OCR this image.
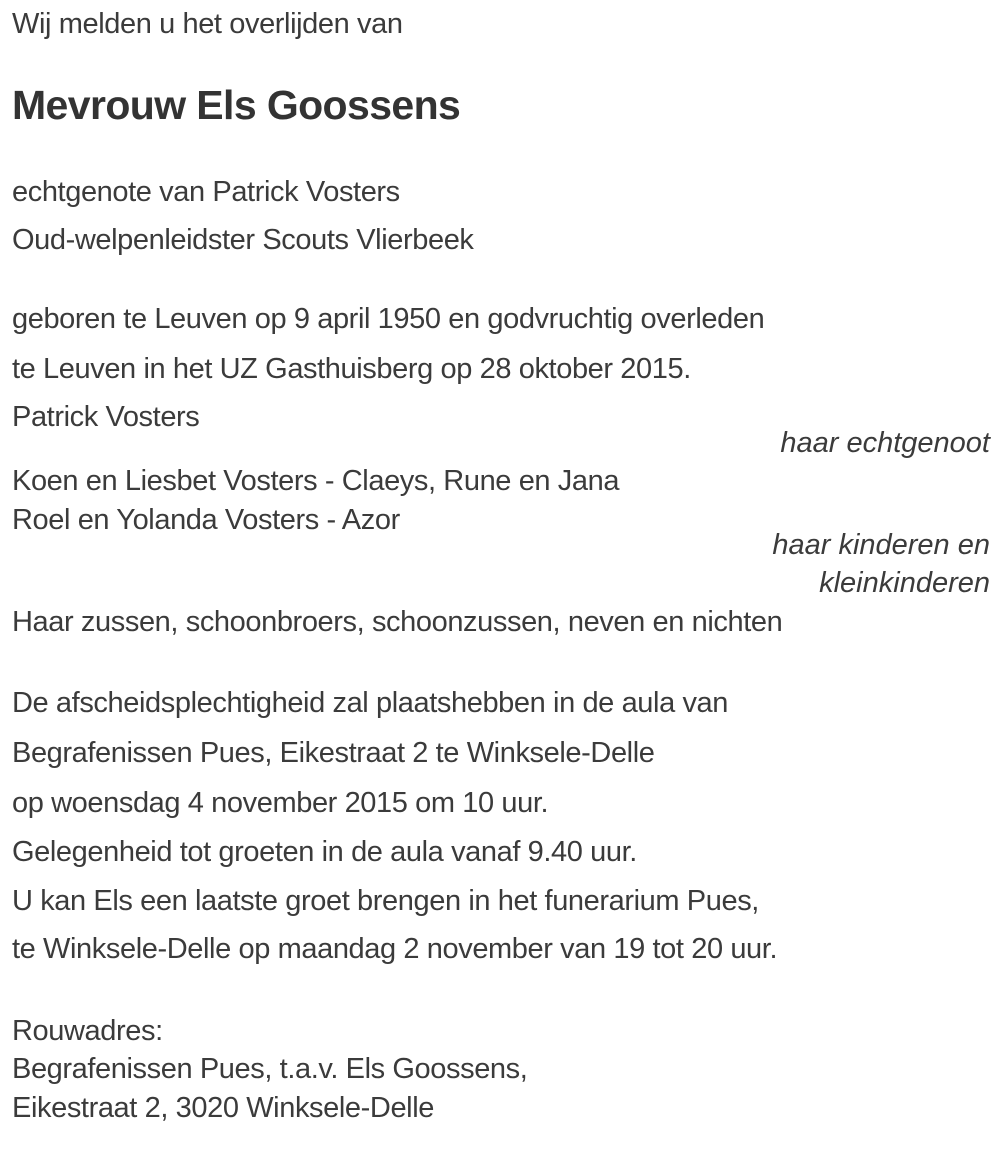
Wij melden u het overlijden van
Mevrouw Els Goossens
echtgenote van Patrick Vosters
Oud-welpenleidster Scouts Vlierbeek
geboren te Leuven op 9 april 1950 en godvruchtig overleden
te Leuven in het UZ Gasthuisberg op 28 oktober 2015.
Patrick Vosters
haar echtgenoot
Koen en Liesbet Vosters - Claeys, Rune en Jana
Roel en Yolanda Vosters - Azor
haar kinderen en
kleinkinderen
Haar zussen, schoonbroers, schoonzussen, neven en nichten
De afscheidsplechtigheid zal plaatshebben in de aula van
Begrafenissen Pues, Eikestraat 2 te Winksele-Delle
op woensdag 4 november 2015 om 10 uur.
Gelegenheid tot groeten in de aula vanaf 9.40 uur.
U kan Els een laatste groet brengen in het funerarium Pues,
te Winksele-Delle op maandag 2 november van 19 tot 20 uur.
Rouwadres:
Begrafenissen Pues, t.a.v. Els Goossens,
Eikestraat 2, 3020 Winksele-Delle
